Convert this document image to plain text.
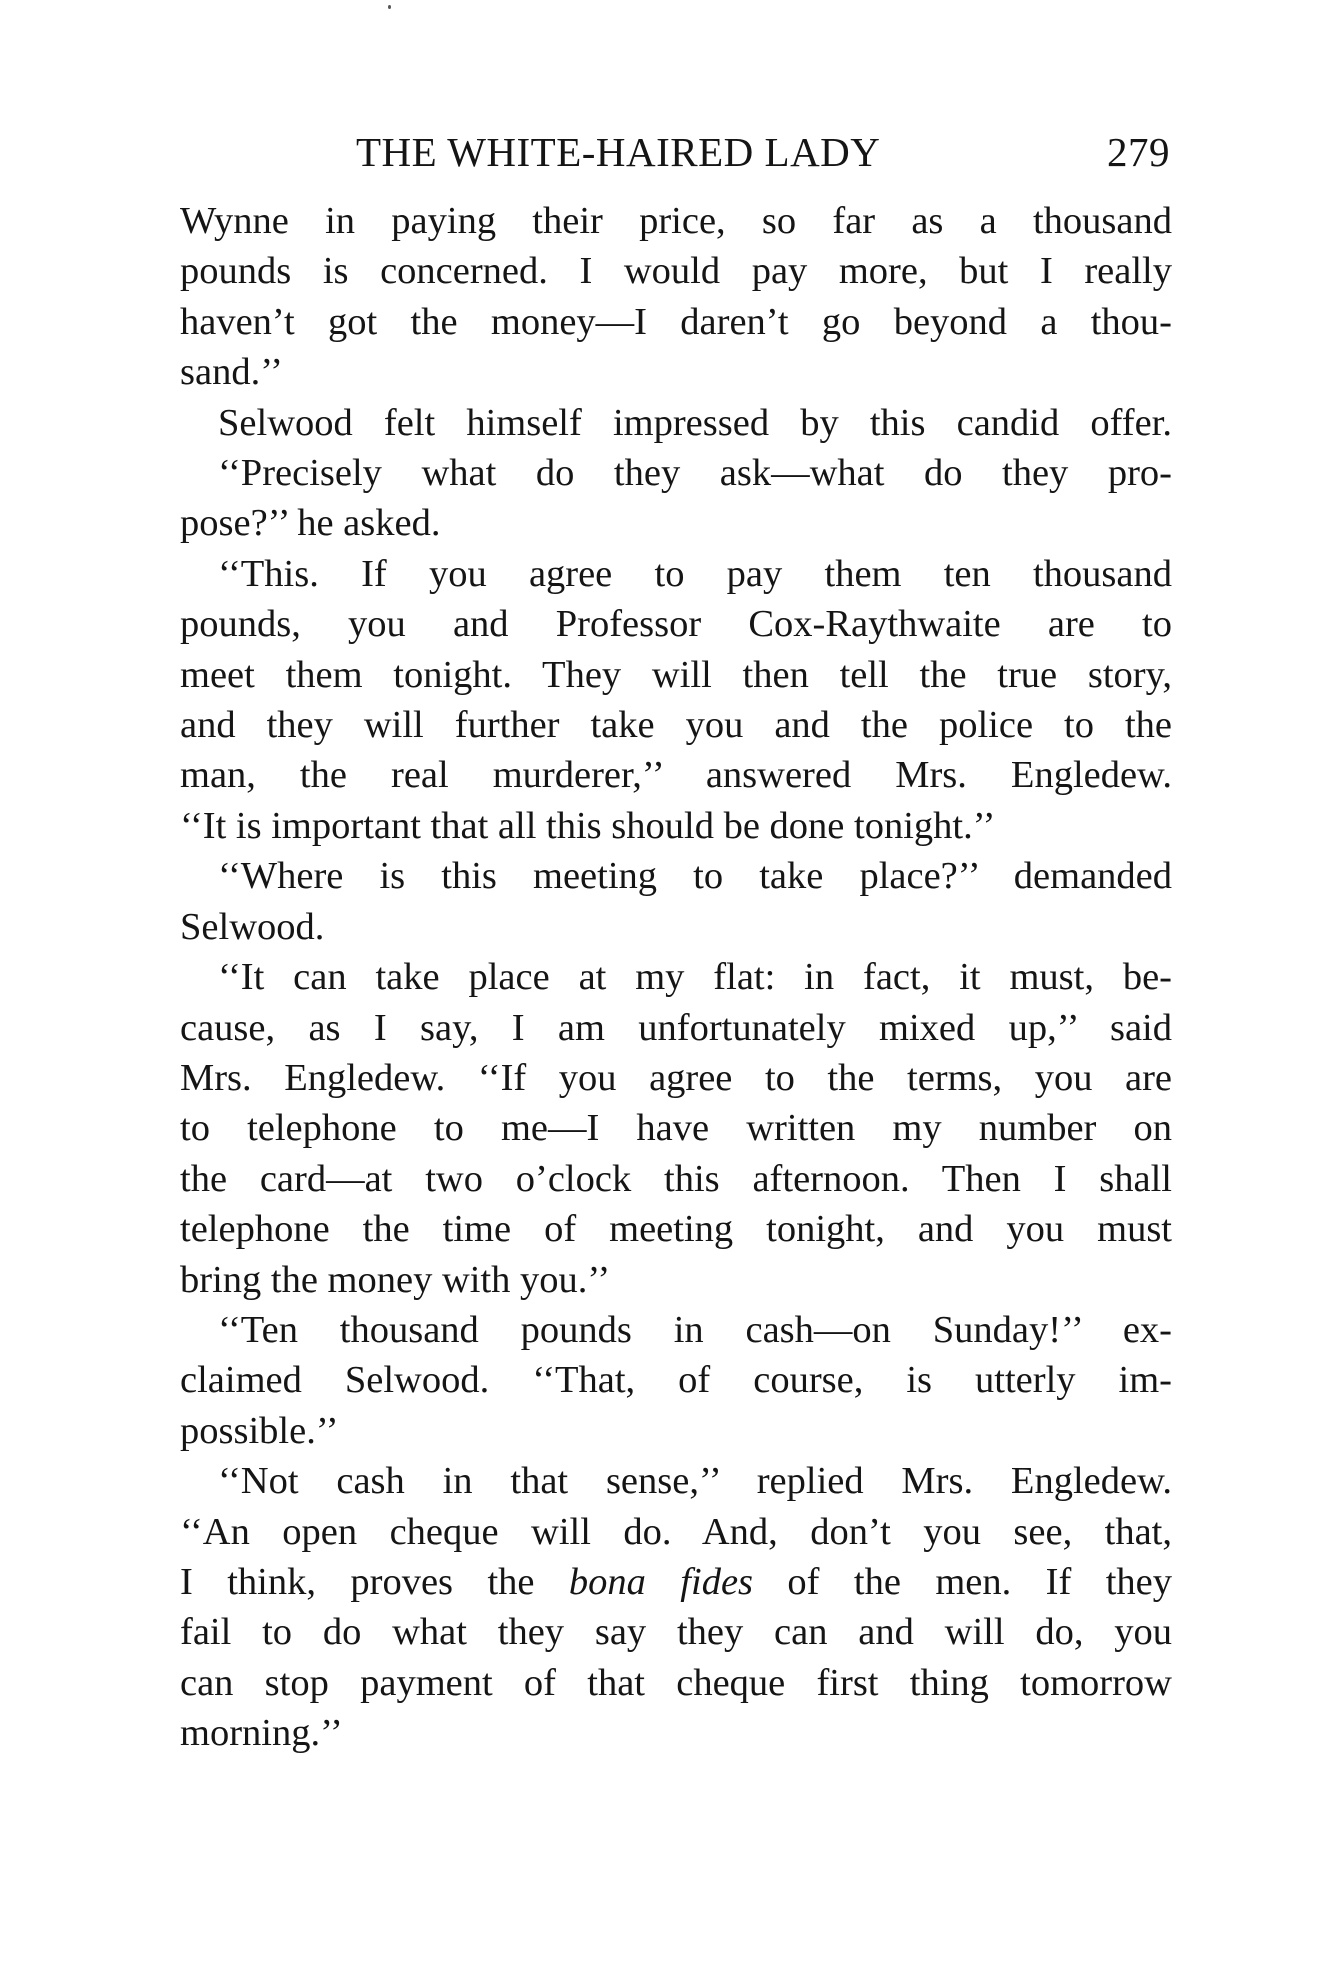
THE WHITE-HAIRED LADY	279

Wynne in paying their price, so far as a thousand
pounds is concerned. I would pay more, but I really
haven’t got the money—I daren’t go beyond a thou-
sand.’’

Selwood felt himself impressed by this candid offer.

‘‘Precisely what do they ask—what do they pro-
pose?’’ he asked.

‘‘This. If you agree to pay them ten thousand
pounds, you and Professor Cox-Raythwaite are to
meet them tonight. They will then tell the true story,
and they will further take you and the police to the
man, the real murderer,’’ answered Mrs. Engledew.
‘‘It is important that all this should be done tonight.’’

‘‘Where is this meeting to take place?’’ demanded
Selwood.

‘‘It can take place at my flat: in fact, it must, be-
cause, as I say, I am unfortunately mixed up,’’ said
Mrs. Engledew. ‘‘If you agree to the terms, you are
to telephone to me—I have written my number on
the card—at two o’clock this afternoon. Then I shall
telephone the time of meeting tonight, and you must
bring the money with you.’’

‘‘Ten thousand pounds in cash—on Sunday!’’ ex-
claimed Selwood. ‘‘That, of course, is utterly im-
possible.’’

‘‘Not cash in that sense,’’ replied Mrs. Engledew.
‘‘An open cheque will do. And, don’t you see, that,
I think, proves the bona fides of the men. If they
fail to do what they say they can and will do, you
can stop payment of that cheque first thing tomorrow
morning.’’
